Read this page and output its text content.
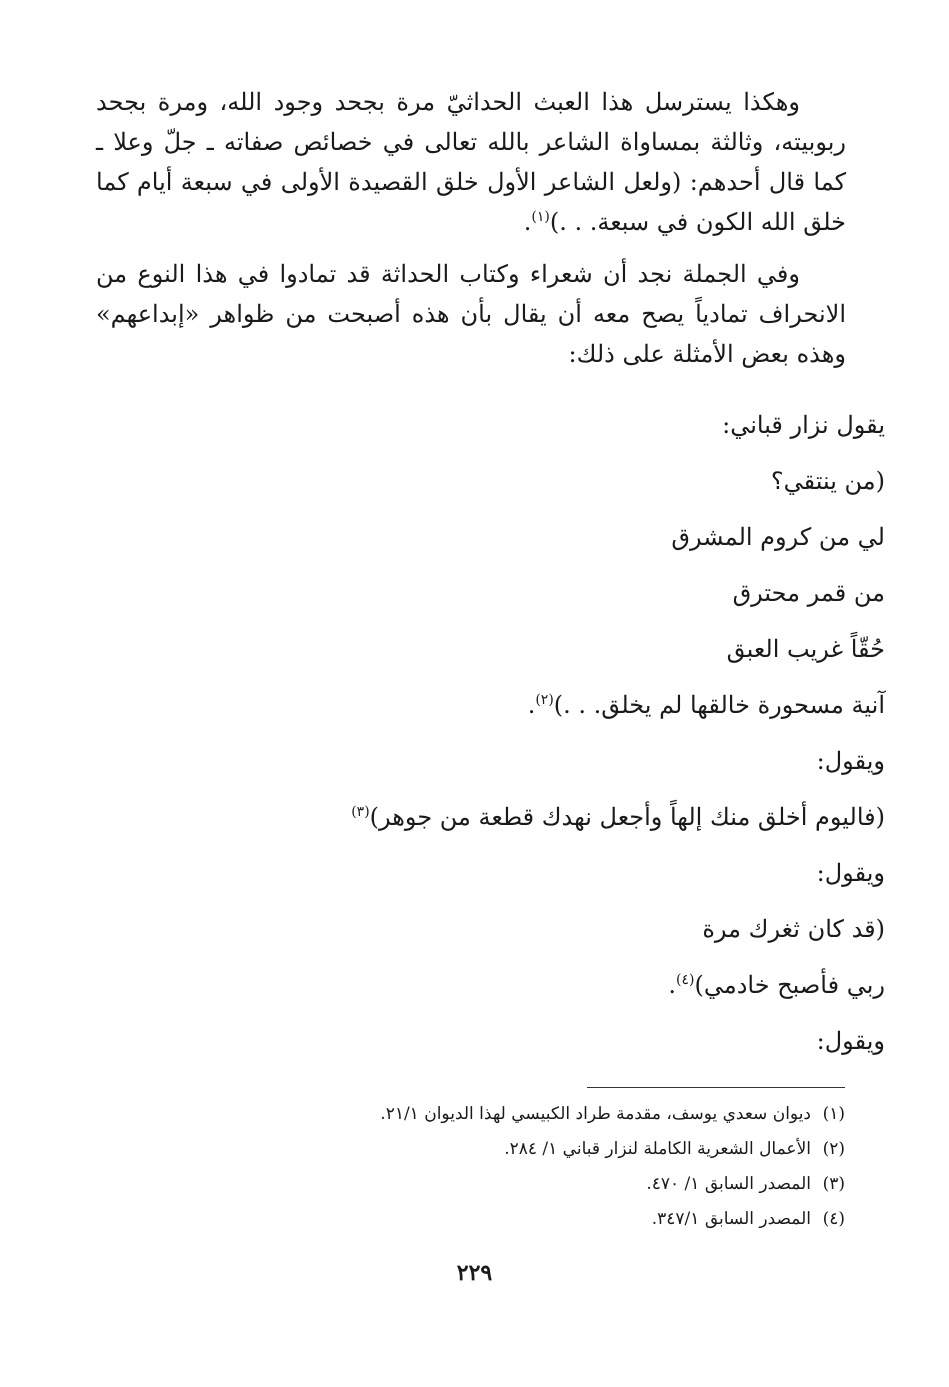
وهكذا يسترسل هذا العبث الحداثيّ مرة بجحد وجود الله، ومرة بجحد ربوبيته، وثالثة بمساواة الشاعر بالله تعالى في خصائص صفاته ـ جلّ وعلا ـ كما قال أحدهم: (ولعل الشاعر الأول خلق القصيدة الأولى في سبعة أيام كما خلق الله الكون في سبعة. . .)$^{(١)}$.

وفي الجملة نجد أن شعراء وكتاب الحداثة قد تمادوا في هذا النوع من الانحراف تمادياً يصح معه أن يقال بأن هذه أصبحت من ظواهر «إبداعهم» وهذه بعض الأمثلة على ذلك:

يقول نزار قباني:
(من ينتقي؟
لي من كروم المشرق
من قمر محترق
حُقّاً غريب العبق
آنية مسحورة خالقها لم يخلق. . .)$^{(٢)}$.
ويقول:
(فاليوم أخلق منك إلهاً وأجعل نهدك قطعة من جوهر)$^{(٣)}$
ويقول:
(قد كان ثغرك مرة
ربي فأصبح خادمي)$^{(٤)}$.
ويقول:
(١)ديوان سعدي يوسف، مقدمة طراد الكبيسي لهذا الديوان ٢١/١.
(٢)الأعمال الشعرية الكاملة لنزار قباني ١/ ٢٨٤.
(٣)المصدر السابق ١/ ٤٧٠.
(٤)المصدر السابق ٣٤٧/١.
٢٢٩
